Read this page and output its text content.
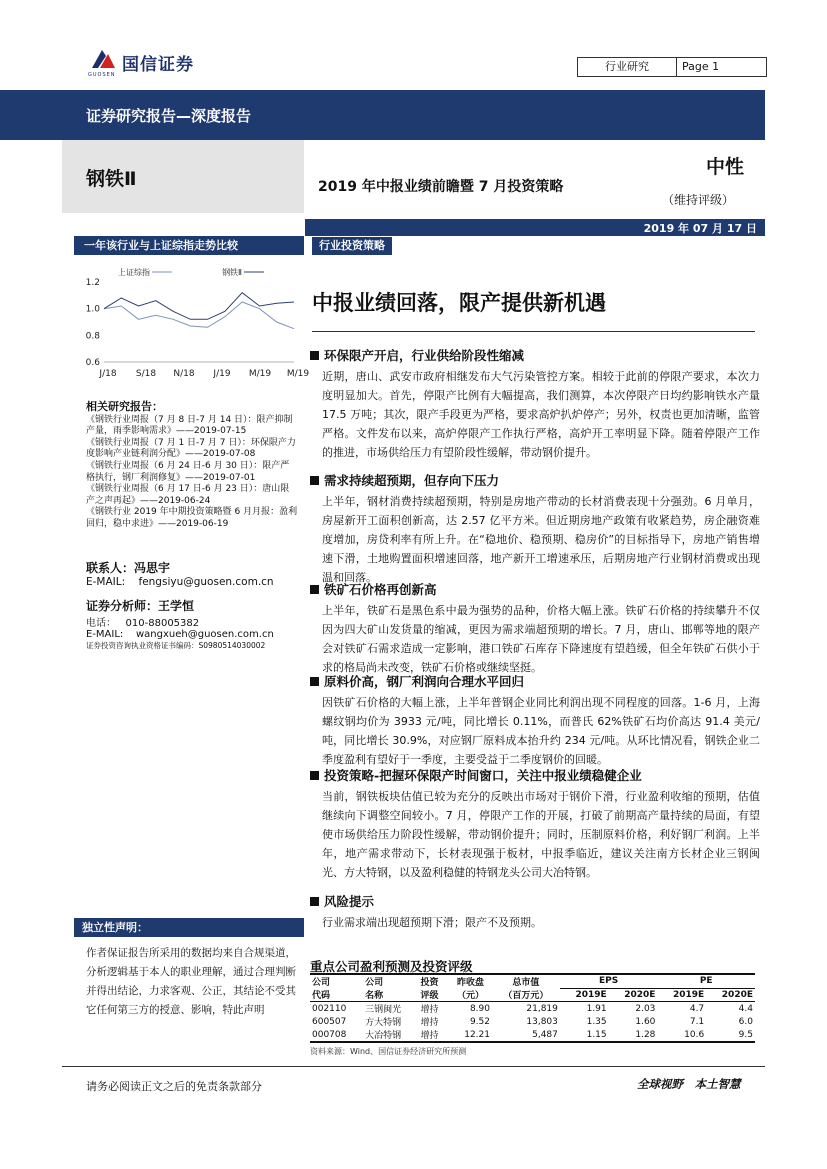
国信证券
GUOSEN
行业研究	Page 1
证券研究报告—深度报告
钢铁Ⅱ	2019 年中报业绩前瞻暨 7 月投资策略
中性
（维持评级）
2019 年 07 月 17 日
一年该行业与上证综指走势比较	行业投资策略
1.2
1.0
0.8
0.6
J/18 S/18 N/18 J/19 M/19 M/19
上证综指	钢铁Ⅱ
相关研究报告：
《钢铁行业周报（7 月 8 日-7 月 14 日）：限产抑制产量，雨季影响需求》——2019-07-15
《钢铁行业周报（7 月 1 日-7 月 7 日）：环保限产力度影响产业链利润分配》——2019-07-08
《钢铁行业周报（6 月 24 日-6 月 30 日）：限产严格执行，钢厂利润修复》——2019-07-01
《钢铁行业周报（6 月 17 日-6 月 23 日）：唐山限产之声再起》——2019-06-24
《钢铁行业 2019 年中期投资策略暨 6 月月报：盈利回归，稳中求进》——2019-06-19
联系人：冯思宇
E-MAIL:    fengsiyu@guosen.com.cn
证券分析师：王学恒
电话：   010-88005382
E-MAIL:    wangxueh@guosen.com.cn
证券投资咨询执业资格证书编码：S0980514030002
独立性声明：
作者保证报告所采用的数据均来自合规渠道，分析逻辑基于本人的职业理解，通过合理判断并得出结论，力求客观、公正，其结论不受其它任何第三方的授意、影响，特此声明
中报业绩回落，限产提供新机遇
环保限产开启，行业供给阶段性缩减
近期，唐山、武安市政府相继发布大气污染管控方案。相较于此前的停限产要求，本次力度明显加大。首先，停限产比例有大幅提高，我们测算，本次停限产日均约影响铁水产量 17.5 万吨；其次，限产手段更为严格，要求高炉扒炉停产；另外，权责也更加清晰，监管严格。文件发布以来，高炉停限产工作执行严格，高炉开工率明显下降。随着停限产工作的推进，市场供给压力有望阶段性缓解，带动钢价提升。
需求持续超预期，但存向下压力
上半年，钢材消费持续超预期，特别是房地产带动的长材消费表现十分强劲。6 月单月，房屋新开工面积创新高，达 2.57 亿平方米。但近期房地产政策有收紧趋势，房企融资难度增加，房贷利率有所上升。在“稳地价、稳预期、稳房价”的目标指导下，房地产销售增速下滑，土地购置面积增速回落，地产新开工增速承压，后期房地产行业钢材消费或出现温和回落。
铁矿石价格再创新高
上半年，铁矿石是黑色系中最为强势的品种，价格大幅上涨。铁矿石价格的持续攀升不仅因为四大矿山发货量的缩减，更因为需求端超预期的增长。7 月，唐山、邯郸等地的限产会对铁矿石需求造成一定影响，港口铁矿石库存下降速度有望趋缓，但全年铁矿石供小于求的格局尚未改变，铁矿石价格或继续坚挺。
原料价高，钢厂利润向合理水平回归
因铁矿石价格的大幅上涨，上半年普钢企业同比利润出现不同程度的回落。1-6 月，上海螺纹钢均价为 3933 元/吨，同比增长 0.11%，而普氏 62%铁矿石均价高达 91.4 美元/吨，同比增长 30.9%，对应钢厂原料成本抬升约 234 元/吨。从环比情况看，钢铁企业二季度盈利有望好于一季度，主要受益于二季度钢价的回暖。
投资策略-把握环保限产时间窗口，关注中报业绩稳健企业
当前，钢铁板块估值已较为充分的反映出市场对于钢价下滑，行业盈利收缩的预期，估值继续向下调整空间较小。7 月，停限产工作的开展，打破了前期高产量持续的局面，有望使市场供给压力阶段性缓解，带动钢价提升；同时，压制原料价格，利好钢厂利润。上半年，地产需求带动下，长材表现强于板材，中报季临近，建议关注南方长材企业三钢闽光、方大特钢，以及盈利稳健的特钢龙头公司大冶特钢。
风险提示
行业需求端出现超预期下滑；限产不及预期。
重点公司盈利预测及投资评级
公司	公司	投资	昨收盘	总市值	EPS		PE	
代码	名称	评级	（元）	（百万元）	2019E	2020E	2019E	2020E
002110	三钢闽光	增持	8.90	21,819	1.91	2.03	4.7	4.4
600507	方大特钢	增持	9.52	13,803	1.35	1.60	7.1	6.0
000708	大冶特钢	增持	12.21	5,487	1.15	1.28	10.6	9.5
资料来源：Wind、国信证券经济研究所预测
请务必阅读正文之后的免责条款部分	全球视野　本土智慧
